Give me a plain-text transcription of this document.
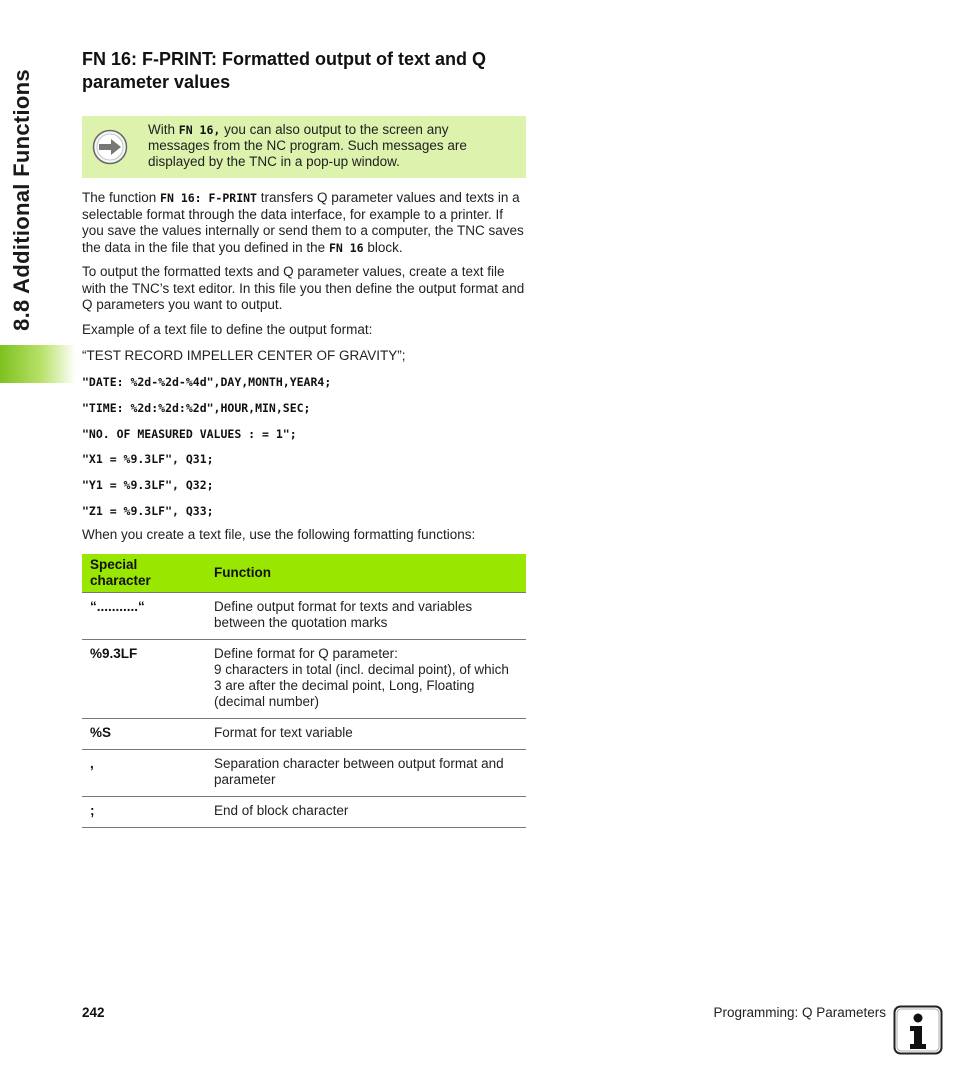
8.8 Additional Functions
FN 16: F-PRINT: Formatted output of text and Q parameter values
With FN 16, you can also output to the screen any messages from the NC program. Such messages are displayed by the TNC in a pop-up window.
The function FN 16: F-PRINT transfers Q parameter values and texts in a selectable format through the data interface, for example to a printer. If you save the values internally or send them to a computer, the TNC saves the data in the file that you defined in the FN 16 block.
To output the formatted texts and Q parameter values, create a text file with the TNC’s text editor. In this file you then define the output format and Q parameters you want to output.
Example of a text file to define the output format:
“TEST RECORD IMPELLER CENTER OF GRAVITY”;
"DATE: %2d-%2d-%4d",DAY,MONTH,YEAR4;
"TIME: %2d:%2d:%2d",HOUR,MIN,SEC;
"NO. OF MEASURED VALUES : = 1";
"X1 = %9.3LF", Q31;
"Y1 = %9.3LF", Q32;
"Z1 = %9.3LF", Q33;
When you create a text file, use the following formatting functions:
Special character	Function
“...........“	Define output format for texts and variables between the quotation marks
%9.3LF	Define format for Q parameter:
9 characters in total (incl. decimal point), of which 3 are after the decimal point, Long, Floating (decimal number)
%S	Format for text variable
,	Separation character between output format and parameter
;	End of block character
242	Programming: Q Parameters
